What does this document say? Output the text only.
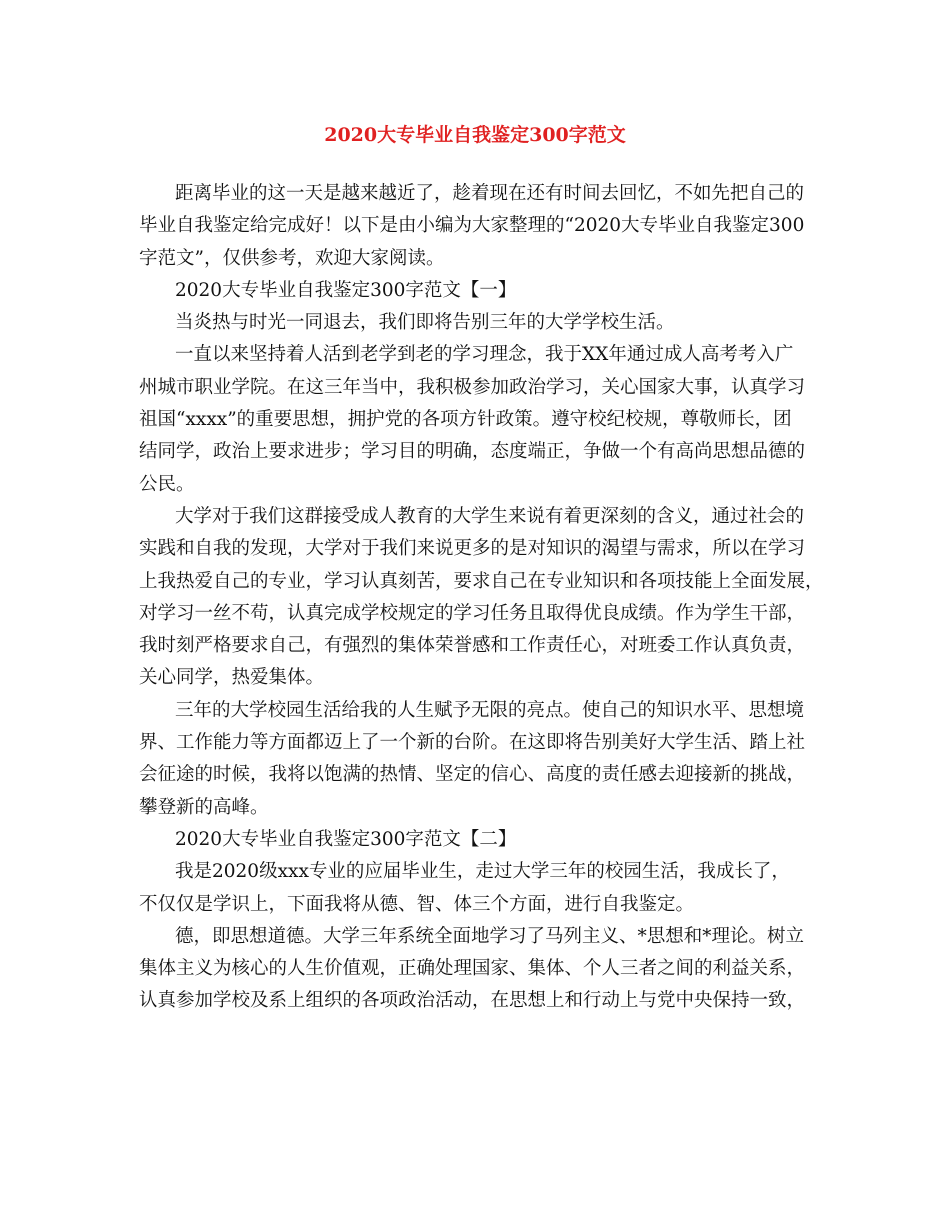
2020大专毕业自我鉴定300字范文
距离毕业的这一天是越来越近了，趁着现在还有时间去回忆，不如先把自己的
毕业自我鉴定给完成好！以下是由小编为大家整理的“2020大专毕业自我鉴定300
字范文”，仅供参考，欢迎大家阅读。
2020大专毕业自我鉴定300字范文【一】
当炎热与时光一同退去，我们即将告别三年的大学学校生活。
一直以来坚持着人活到老学到老的学习理念，我于XX年通过成人高考考入广
州城市职业学院。在这三年当中，我积极参加政治学习，关心国家大事，认真学习
祖国“xxxx”的重要思想，拥护党的各项方针政策。遵守校纪校规，尊敬师长，团
结同学，政治上要求进步；学习目的明确，态度端正，争做一个有高尚思想品德的
公民。
大学对于我们这群接受成人教育的大学生来说有着更深刻的含义，通过社会的
实践和自我的发现，大学对于我们来说更多的是对知识的渴望与需求，所以在学习
上我热爱自己的专业，学习认真刻苦，要求自己在专业知识和各项技能上全面发展，
对学习一丝不苟，认真完成学校规定的学习任务且取得优良成绩。作为学生干部，
我时刻严格要求自己，有强烈的集体荣誉感和工作责任心，对班委工作认真负责，
关心同学，热爱集体。
三年的大学校园生活给我的人生赋予无限的亮点。使自己的知识水平、思想境
界、工作能力等方面都迈上了一个新的台阶。在这即将告别美好大学生活、踏上社
会征途的时候，我将以饱满的热情、坚定的信心、高度的责任感去迎接新的挑战，
攀登新的高峰。
2020大专毕业自我鉴定300字范文【二】
我是2020级xxx专业的应届毕业生，走过大学三年的校园生活，我成长了，
不仅仅是学识上，下面我将从德、智、体三个方面，进行自我鉴定。
德，即思想道德。大学三年系统全面地学习了马列主义、*思想和*理论。树立
集体主义为核心的人生价值观，正确处理国家、集体、个人三者之间的利益关系，
认真参加学校及系上组织的各项政治活动，在思想上和行动上与党中央保持一致，
